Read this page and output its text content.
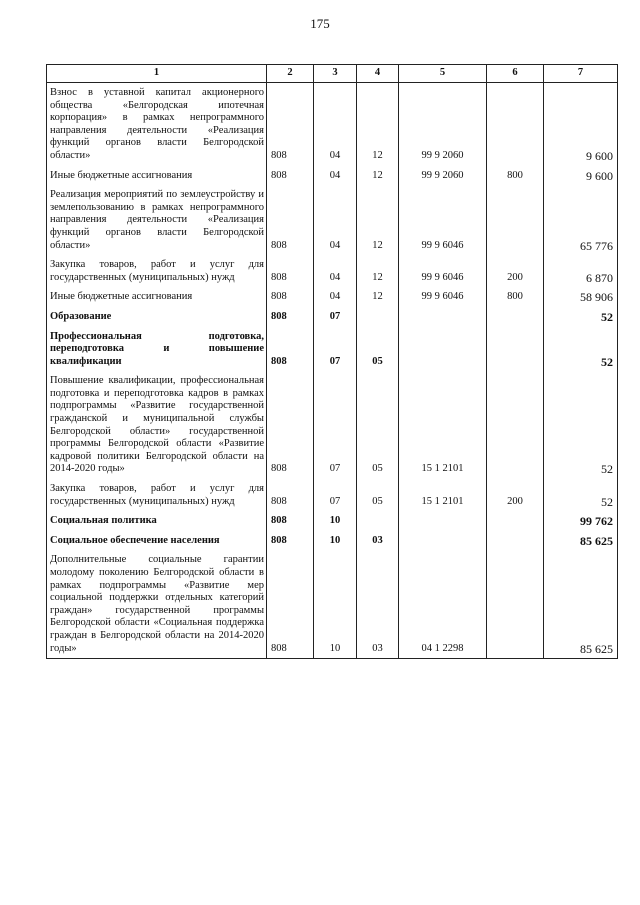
175
1	2	3	4	5	6	7
Взнос в уставной капитал акционерного общества «Белгородская ипотечная корпорация» в рамках непрограммного направления деятельности «Реализация функций органов власти Белгородской области»	808	04	12	99 9 2060		9 600
Иные бюджетные ассигнования	808	04	12	99 9 2060	800	9 600
Реализация мероприятий по землеустройству и землепользованию в рамках непрограммного направления деятельности «Реализация функций органов власти Белгородской области»	808	04	12	99 9 6046		65 776
Закупка товаров, работ и услуг для государственных (муниципальных) нужд	808	04	12	99 9 6046	200	6 870
Иные бюджетные ассигнования	808	04	12	99 9 6046	800	58 906
Образование	808	07				52
Профессиональная подготовка, переподготовка и повышение квалификации	808	07	05			52
Повышение квалификации, профессиональная подготовка и переподготовка кадров в рамках подпрограммы «Развитие государственной гражданской и муниципальной службы Белгородской области» государственной программы Белгородской области «Развитие кадровой политики Белгородской области на 2014-2020 годы»	808	07	05	15 1 2101		52
Закупка товаров, работ и услуг для государственных (муниципальных) нужд	808	07	05	15 1 2101	200	52
Социальная политика	808	10				99 762
Социальное обеспечение населения	808	10	03			85 625
Дополнительные социальные гарантии молодому поколению Белгородской области в рамках подпрограммы «Развитие мер социальной поддержки отдельных категорий граждан» государственной программы Белгородской области «Социальная поддержка граждан в Белгородской области на 2014-2020 годы»	808	10	03	04 1 2298		85 625
